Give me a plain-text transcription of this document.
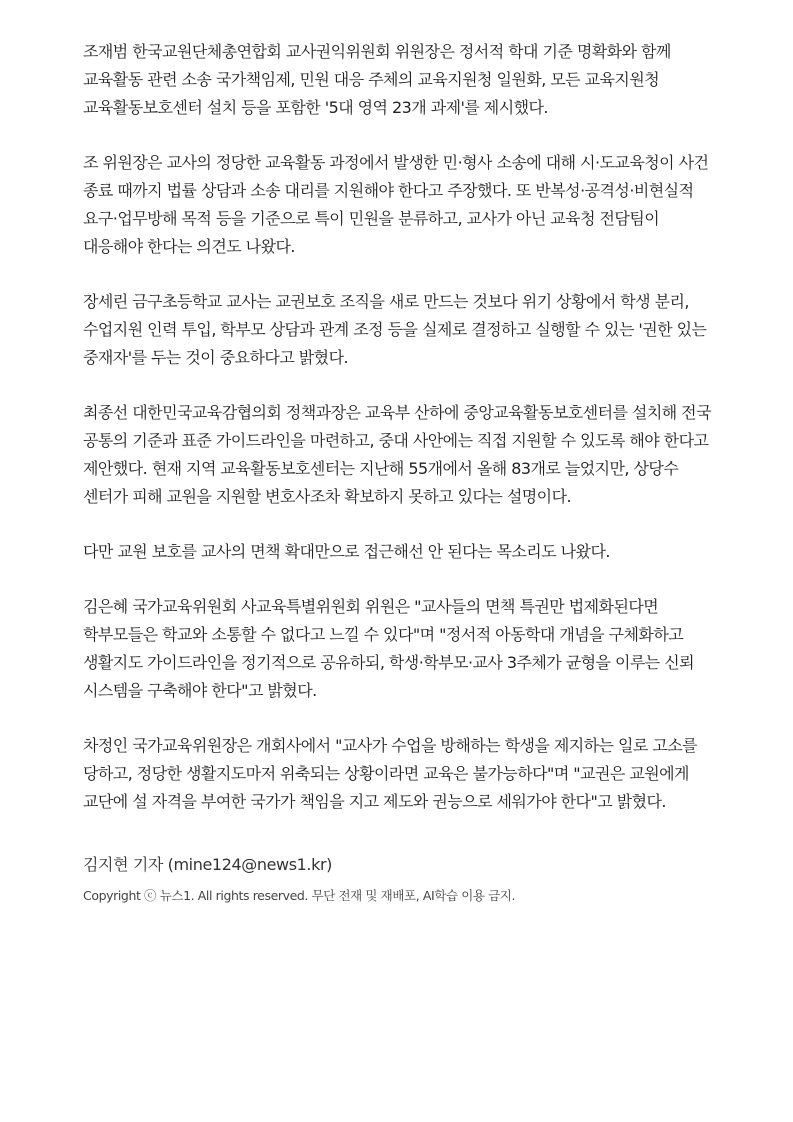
조재범 한국교원단체총연합회 교사권익위원회 위원장은 정서적 학대 기준 명확화와 함께 교육활동 관련 소송 국가책임제, 민원 대응 주체의 교육지원청 일원화, 모든 교육지원청 교육활동보호센터 설치 등을 포함한 '5대 영역 23개 과제'를 제시했다.

조 위원장은 교사의 정당한 교육활동 과정에서 발생한 민·형사 소송에 대해 시·도교육청이 사건 종료 때까지 법률 상담과 소송 대리를 지원해야 한다고 주장했다. 또 반복성·공격성·비현실적 요구·업무방해 목적 등을 기준으로 특이 민원을 분류하고, 교사가 아닌 교육청 전담팀이 대응해야 한다는 의견도 나왔다.

장세린 금구초등학교 교사는 교권보호 조직을 새로 만드는 것보다 위기 상황에서 학생 분리, 수업지원 인력 투입, 학부모 상담과 관계 조정 등을 실제로 결정하고 실행할 수 있는 '권한 있는 중재자'를 두는 것이 중요하다고 밝혔다.

최종선 대한민국교육감협의회 정책과장은 교육부 산하에 중앙교육활동보호센터를 설치해 전국 공통의 기준과 표준 가이드라인을 마련하고, 중대 사안에는 직접 지원할 수 있도록 해야 한다고 제안했다. 현재 지역 교육활동보호센터는 지난해 55개에서 올해 83개로 늘었지만, 상당수 센터가 피해 교원을 지원할 변호사조차 확보하지 못하고 있다는 설명이다.

다만 교원 보호를 교사의 면책 확대만으로 접근해선 안 된다는 목소리도 나왔다.

김은혜 국가교육위원회 사교육특별위원회 위원은 "교사들의 면책 특권만 법제화된다면 학부모들은 학교와 소통할 수 없다고 느낄 수 있다"며 "정서적 아동학대 개념을 구체화하고 생활지도 가이드라인을 정기적으로 공유하되, 학생·학부모·교사 3주체가 균형을 이루는 신뢰 시스템을 구축해야 한다"고 밝혔다.

차정인 국가교육위원장은 개회사에서 "교사가 수업을 방해하는 학생을 제지하는 일로 고소를 당하고, 정당한 생활지도마저 위축되는 상황이라면 교육은 불가능하다"며 "교권은 교원에게 교단에 설 자격을 부여한 국가가 책임을 지고 제도와 권능으로 세워가야 한다"고 밝혔다.

김지현 기자 (mine124@news1.kr)

Copyright ⓒ 뉴스1. All rights reserved. 무단 전재 및 재배포, AI학습 이용 금지.
